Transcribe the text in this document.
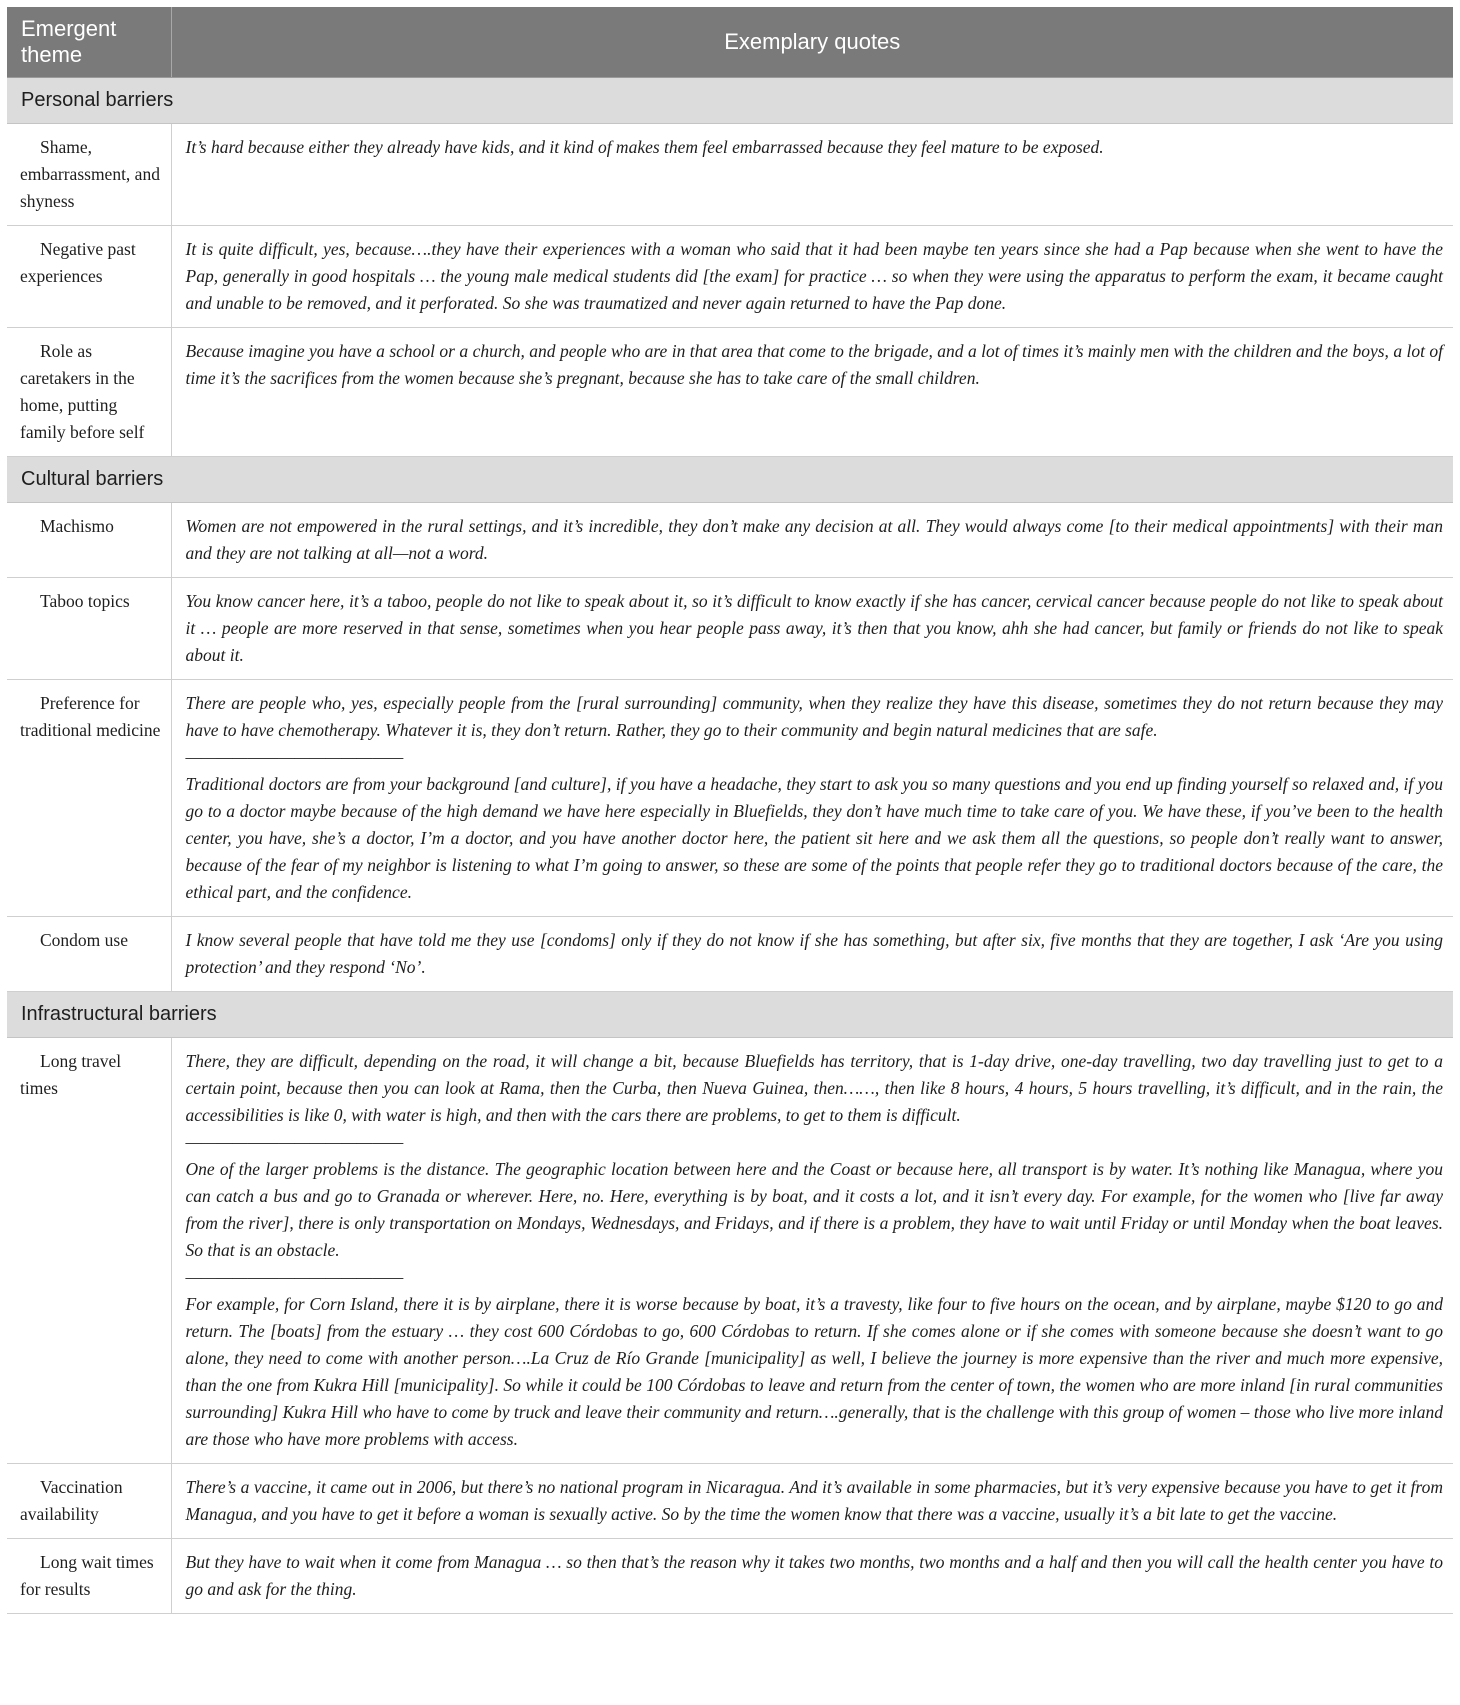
Emergent theme	Exemplary quotes
Personal barriers	
Shame, embarrassment, and shyness	It’s hard because either they already have kids, and it kind of makes them feel embarrassed because they feel mature to be exposed.

Negative past experiences	It is quite difficult, yes, because….they have their experiences with a woman who said that it had been maybe ten years since she had a Pap because when she went to have the Pap, generally in good hospitals … the young male medical students did [the exam] for practice … so when they were using the apparatus to perform the exam, it became caught and unable to be removed, and it perforated. So she was traumatized and never again returned to have the Pap done.

Role as caretakers in the home, putting family before self	Because imagine you have a school or a church, and people who are in that area that come to the brigade, and a lot of times it’s mainly men with the children and the boys, a lot of time it’s the sacrifices from the women because she’s pregnant, because she has to take care of the small children.

Cultural barriers	
Machismo	Women are not empowered in the rural settings, and it’s incredible, they don’t make any decision at all. They would always come [to their medical appointments] with their man and they are not talking at all—not a word.

Taboo topics	You know cancer here, it’s a taboo, people do not like to speak about it, so it’s difficult to know exactly if she has cancer, cervical cancer because people do not like to speak about it … people are more reserved in that sense, sometimes when you hear people pass away, it’s then that you know, ahh she had cancer, but family or friends do not like to speak about it.

Preference for traditional medicine	There are people who, yes, especially people from the [rural surrounding] community, when they realize they have this disease, sometimes they do not return because they may have to have chemotherapy. Whatever it is, they don’t return. Rather, they go to their community and begin natural medicines that are safe.
——————————————
Traditional doctors are from your background [and culture], if you have a headache, they start to ask you so many questions and you end up finding yourself so relaxed and, if you go to a doctor maybe because of the high demand we have here especially in Bluefields, they don’t have much time to take care of you. We have these, if you’ve been to the health center, you have, she’s a doctor, I’m a doctor, and you have another doctor here, the patient sit here and we ask them all the questions, so people don’t really want to answer, because of the fear of my neighbor is listening to what I’m going to answer, so these are some of the points that people refer they go to traditional doctors because of the care, the ethical part, and the confidence.

Condom use	I know several people that have told me they use [condoms] only if they do not know if she has something, but after six, five months that they are together, I ask ‘Are you using protection’ and they respond ‘No’.

Infrastructural barriers	
Long travel times	There, they are difficult, depending on the road, it will change a bit, because Bluefields has territory, that is 1-day drive, one-day travelling, two day travelling just to get to a certain point, because then you can look at Rama, then the Curba, then Nueva Guinea, then……, then like 8 hours, 4 hours, 5 hours travelling, it’s difficult, and in the rain, the accessibilities is like 0, with water is high, and then with the cars there are problems, to get to them is difficult.
——————————————
One of the larger problems is the distance. The geographic location between here and the Coast or because here, all transport is by water. It’s nothing like Managua, where you can catch a bus and go to Granada or wherever. Here, no. Here, everything is by boat, and it costs a lot, and it isn’t every day. For example, for the women who [live far away from the river], there is only transportation on Mondays, Wednesdays, and Fridays, and if there is a problem, they have to wait until Friday or until Monday when the boat leaves. So that is an obstacle.
——————————————
For example, for Corn Island, there it is by airplane, there it is worse because by boat, it’s a travesty, like four to five hours on the ocean, and by airplane, maybe $120 to go and return. The [boats] from the estuary … they cost 600 Córdobas to go, 600 Córdobas to return. If she comes alone or if she comes with someone because she doesn’t want to go alone, they need to come with another person….La Cruz de Río Grande [municipality] as well, I believe the journey is more expensive than the river and much more expensive, than the one from Kukra Hill [municipality]. So while it could be 100 Córdobas to leave and return from the center of town, the women who are more inland [in rural communities surrounding] Kukra Hill who have to come by truck and leave their community and return….generally, that is the challenge with this group of women – those who live more inland are those who have more problems with access.

Vaccination availability	There’s a vaccine, it came out in 2006, but there’s no national program in Nicaragua. And it’s available in some pharmacies, but it’s very expensive because you have to get it from Managua, and you have to get it before a woman is sexually active. So by the time the women know that there was a vaccine, usually it’s a bit late to get the vaccine.

Long wait times for results	But they have to wait when it come from Managua … so then that’s the reason why it takes two months, two months and a half and then you will call the health center you have to go and ask for the thing.
